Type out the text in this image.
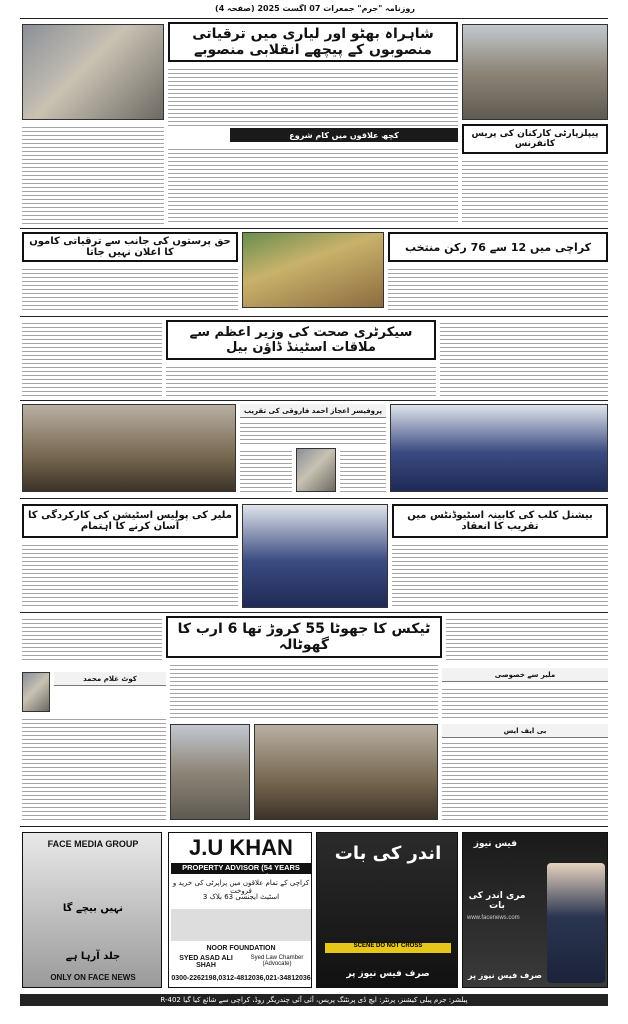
روزنامہ "جرم" جمعرات 07 اگست 2025 (صفحہ 4)
شاہراہ بھٹو اور لیاری میں ترقیاتی منصوبوں کے پیچھے انقلابی منصوبے
کچھ علاقوں میں کام شروع	پیپلزپارٹی کارکنان کی پریس کانفرنس
حق پرستوں کی جانب سے ترقیاتی کاموں کا اعلان نہیں جاتا	کراچی میں 12 سے 76 رکن منتخب
سیکرٹری صحت کی وزیر اعظم سے ملاقات اسٹینڈ ڈاؤن بیل
پروفیسر اعجاز احمد فاروقی کی تقریب
ملیر کی پولیس اسٹیشن کی کارکردگی کا آسان کرنے کا اہتمام
بیشنل کلب کی کابینہ اسٹیوڈنٹس میں تقریب کا انعقاد
ٹیکس کا جھوٹا 55 کروڑ تھا 6 ارب کا گھوٹالہ
کوٹ غلام محمد	ملیر سے خصوصی
بی ایف ایس
FACE MEDIA GROUP
نہیں بیچے گا
جلد آرہا ہے
ONLY ON FACE NEWS
J.U KHAN
PROPERTY ADVISOR (54 YEARS EXPERIENCED)
کراچی کے تمام علاقوں میں پراپرٹی کی خرید و فروخت
اسٹیٹ ایجنسی 63 بلاک 3
NOOR FOUNDATION
SYED ASAD ALI SHAH
Syed Law Chamber (Advocate)
0300-2262198,0312-4812036,021-34812036
اندر کی بات
SCENE DO NOT CROSS
صرف فیس نیوز پر
فیس نیوز
مری اندر کی بات
www.facenews.com
صرف فیس نیوز پر
پبلشر: جرم پبلی کیشنز، پرنٹر: ایچ ڈی پرنٹنگ پریس، آئی آئی چندریگر روڈ، کراچی سے شائع کیا گیا R-402
